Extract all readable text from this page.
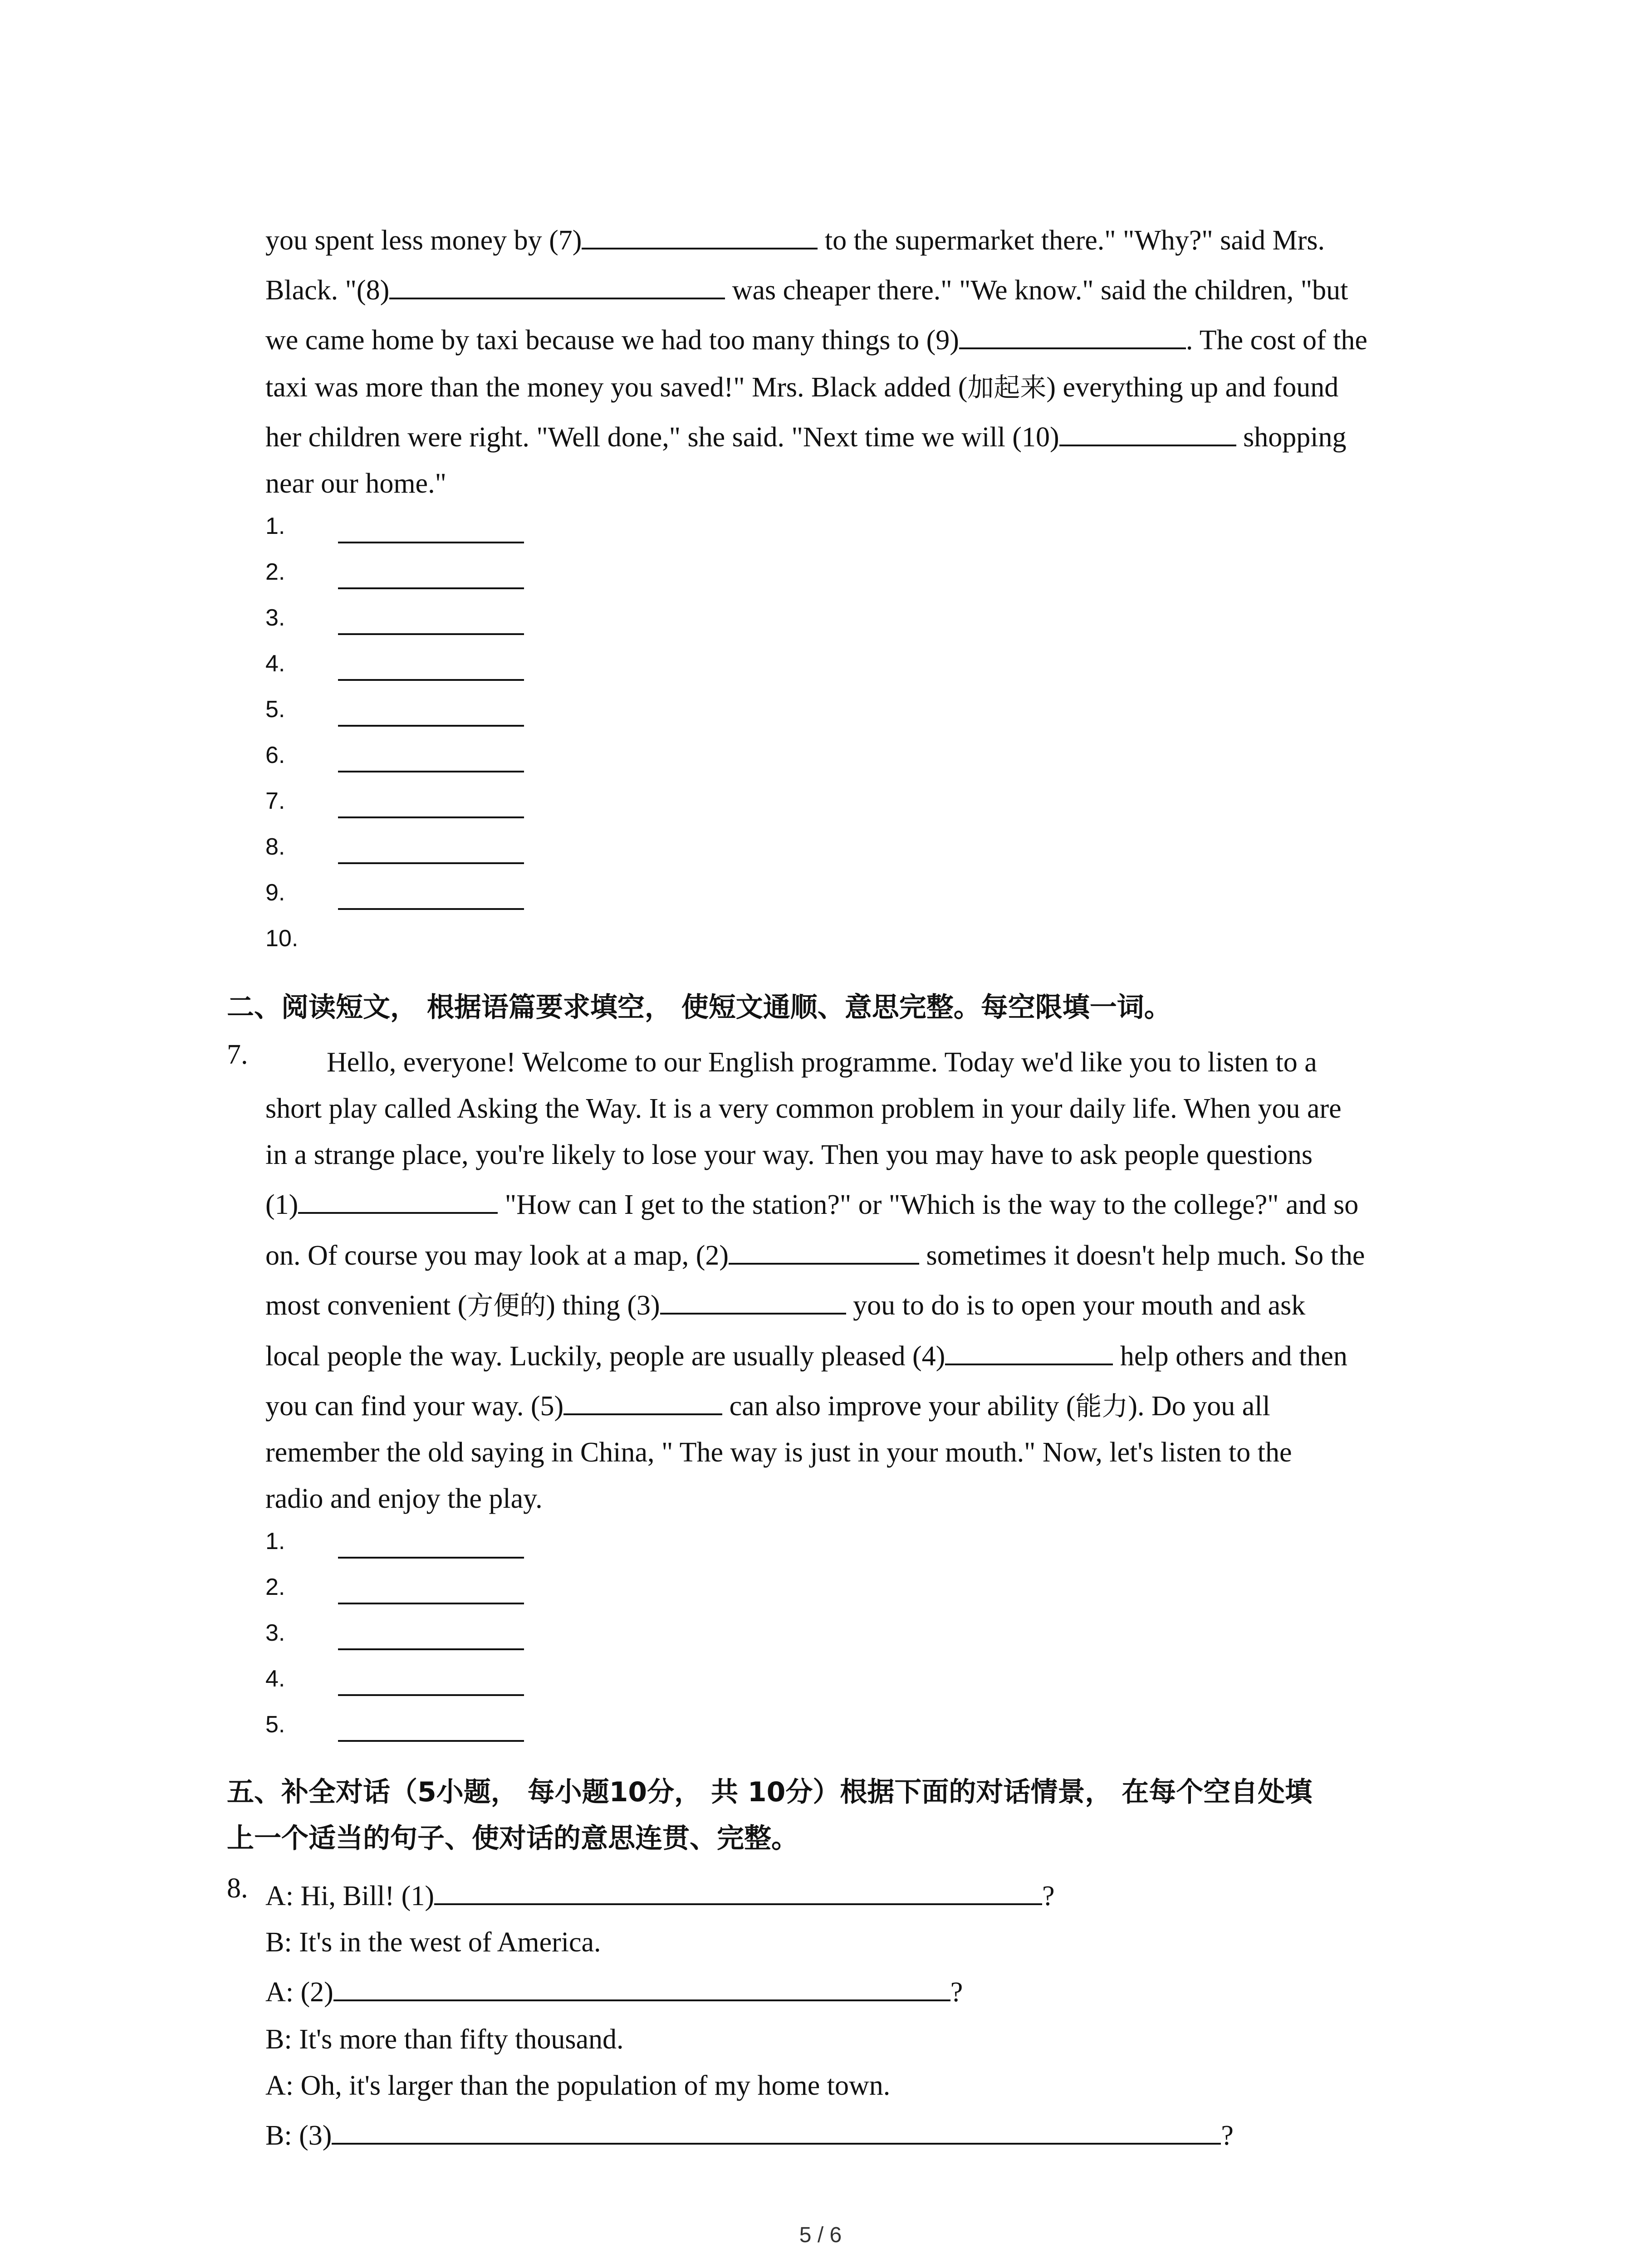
you spent less money by (7)	to the supermarket there." "Why?" said Mrs.
Black. "(8)	was cheaper there." "We know." said the children, "but
we came home by taxi because we had too many things to (9)	. The cost of the
taxi was more than the money you saved!" Mrs. Black added (加起来) everything up and found
her children were right. "Well done," she said. "Next time we will (10)	shopping
near our home."
1.
2.
3.
4.
5.
6.
7.
8.
9.
10.
二、阅读短文， 根据语篇要求填空， 使短文通顺、意思完整。每空限填一词。
7.	Hello, everyone! Welcome to our English programme. Today we'd like you to listen to a
short play called Asking the Way. It is a very common problem in your daily life. When you are
in a strange place, you're likely to lose your way. Then you may have to ask people questions
(1)	"How can I get to the station?" or "Which is the way to the college?" and so
on. Of course you may look at a map, (2)	sometimes it doesn't help much. So the
most convenient (方便的) thing (3)	you to do is to open your mouth and ask
local people the way. Luckily, people are usually pleased (4)	help others and then
you can find your way. (5)	can also improve your ability (能力). Do you all
remember the old saying in China, " The way is just in your mouth." Now, let's listen to the
radio and enjoy the play.
1.
2.
3.
4.
5.
五、补全对话（5小题， 每小题10分， 共 10分）根据下面的对话情景， 在每个空自处填
上一个适当的句子、使对话的意思连贯、完整。
8. A: Hi, Bill! (1)	?
B: It's in the west of America.
A: (2)	?
B: It's more than fifty thousand.
A: Oh, it's larger than the population of my home town.
B: (3)	?
5 / 6
